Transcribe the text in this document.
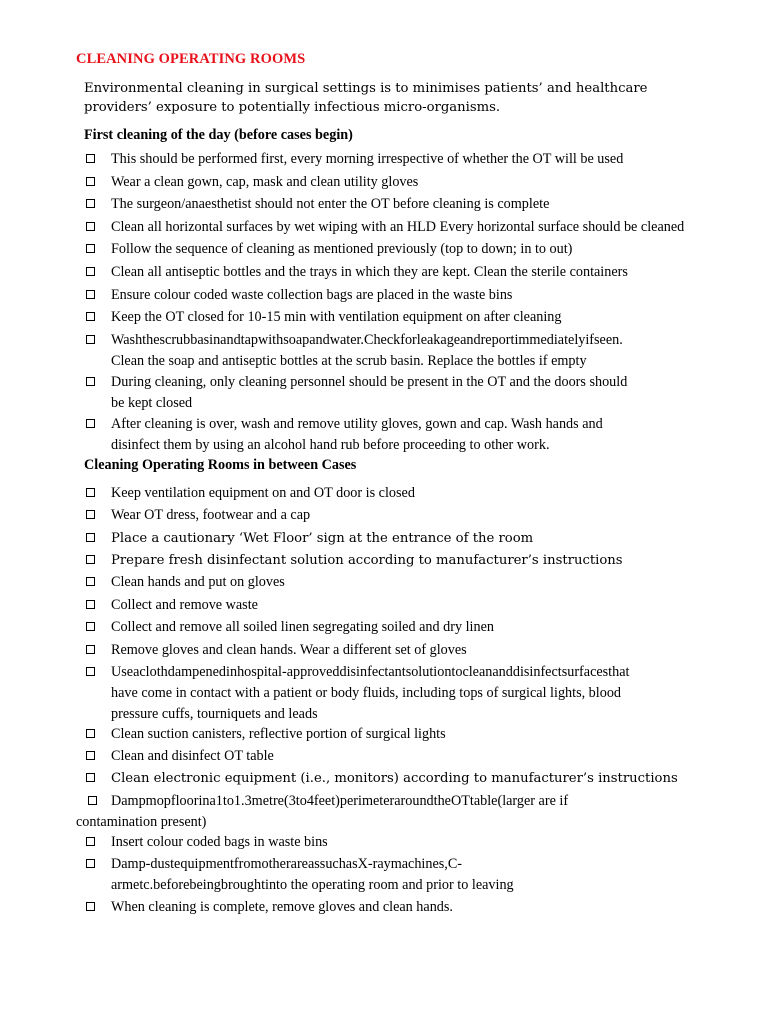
CLEANING OPERATING ROOMS
Environmental cleaning in surgical settings is to minimises patients’ and healthcare providers’ exposure to potentially infectious micro-organisms.
First cleaning of the day (before cases begin)
This should be performed first, every morning irrespective of whether the OT will be used
Wear a clean gown, cap, mask and clean utility gloves
The surgeon/anaesthetist should not enter the OT before cleaning is complete
Clean all horizontal surfaces by wet wiping with an HLD Every horizontal surface should be cleaned
Follow the sequence of cleaning as mentioned previously (top to down; in to out)
Clean all antiseptic bottles and the trays in which they are kept. Clean the sterile containers
Ensure colour coded waste collection bags are placed in the waste bins
Keep the OT closed for 10-15 min with ventilation equipment on after cleaning
Washthescrubbasinandtapwithsoapandwater.Checkforleakageandreportimmediatelyifseen.
Clean the soap and antiseptic bottles at the scrub basin. Replace the bottles if empty
During cleaning, only cleaning personnel should be present in the OT and the doors should
be kept closed
After cleaning is over, wash and remove utility gloves, gown and cap. Wash hands and
disinfect them by using an alcohol hand rub before proceeding to other work.
Cleaning Operating Rooms in between Cases
Keep ventilation equipment on and OT door is closed
Wear OT dress, footwear and a cap
Place a cautionary ‘Wet Floor’ sign at the entrance of the room
Prepare fresh disinfectant solution according to manufacturer’s instructions
Clean hands and put on gloves
Collect and remove waste
Collect and remove all soiled linen segregating soiled and dry linen
Remove gloves and clean hands. Wear a different set of gloves
Useaclothdampenedinhospital-approveddisinfectantsolutiontocleananddisinfectsurfacesthat
have come in contact with a patient or body fluids, including tops of surgical lights, blood
pressure cuffs, tourniquets and leads
Clean suction canisters, reflective portion of surgical lights
Clean and disinfect OT table
Clean electronic equipment (i.e., monitors) according to manufacturer’s instructions
Dampmopfloorina1to1.3metre(3to4feet)perimeteraroundtheOTtable(larger are if
contamination present)
Insert colour coded bags in waste bins
Damp-dustequipmentfromotherareassuchasX-raymachines,C-
armetc.beforebeingbroughtinto the operating room and prior to leaving
When cleaning is complete, remove gloves and clean hands.
